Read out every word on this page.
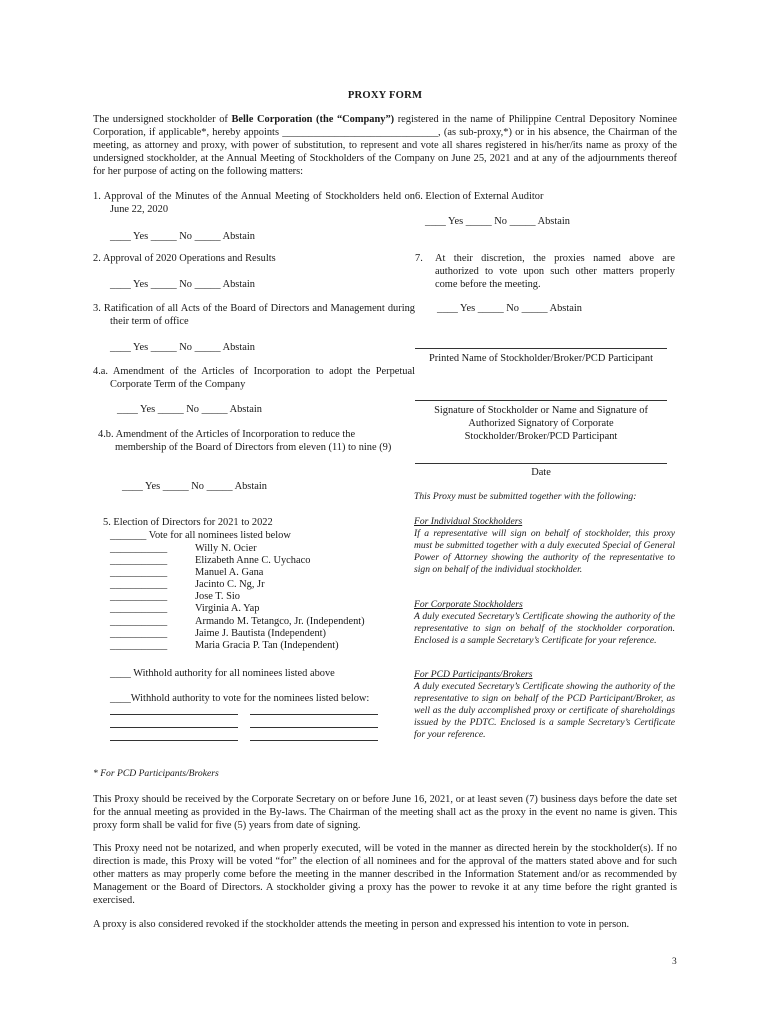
PROXY FORM
The undersigned stockholder of Belle Corporation (the “Company”) registered in the name of Philippine Central Depository Nominee Corporation, if applicable*, hereby appoints ______________________________, (as sub-proxy,*) or in his absence, the Chairman of the meeting, as attorney and proxy, with power of substitution, to represent and vote all shares registered in his/her/its name as proxy of the undersigned stockholder, at the Annual Meeting of Stockholders of the Company on June 25, 2021 and at any of the adjournments thereof for her purpose of acting on the following matters:
1. Approval of the Minutes of the Annual Meeting of Stockholders held on June 22, 2020
____ Yes _____ No _____ Abstain
2. Approval of 2020 Operations and Results
____ Yes _____ No _____ Abstain
3. Ratification of all Acts of the Board of Directors and Management during their term of office
____ Yes _____ No _____ Abstain
4.a. Amendment of the Articles of Incorporation to adopt the Perpetual Corporate Term of the Company
____ Yes _____ No _____ Abstain
4.b. Amendment of the Articles of Incorporation to reduce the membership of the Board of Directors from eleven (11) to nine (9)
____ Yes _____ No _____ Abstain
5. Election of Directors for 2021 to 2022
_______ Vote for all nominees listed below
___________	Willy N. Ocier
___________	Elizabeth Anne C. Uychaco
___________	Manuel A. Gana
___________	Jacinto C. Ng, Jr
___________	Jose T. Sio
___________	Virginia A. Yap
___________	Armando M. Tetangco, Jr. (Independent)
___________	Jaime J. Bautista (Independent)
___________	Maria Gracia P. Tan (Independent)
____ Withhold authority for all nominees listed above
____Withhold authority to vote for the nominees listed below:
6. Election of External Auditor
____ Yes _____ No _____ Abstain
7. At their discretion, the proxies named above are authorized to vote upon such other matters properly come before the meeting.
____ Yes _____ No _____ Abstain
Printed Name of Stockholder/Broker/PCD Participant
Signature of Stockholder or Name and Signature of Authorized Signatory of Corporate Stockholder/Broker/PCD Participant
Date
This Proxy must be submitted together with the following:
For Individual Stockholders
If a representative will sign on behalf of stockholder, this proxy must be submitted together with a duly executed Special of General Power of Attorney showing the authority of the representative to sign on behalf of the individual stockholder.
For Corporate Stockholders
A duly executed Secretary’s Certificate showing the authority of the representative to sign on behalf of the stockholder corporation. Enclosed is a sample Secretary’s Certificate for your reference.
For PCD Participants/Brokers
A duly executed Secretary’s Certificate showing the authority of the representative to sign on behalf of the PCD Participant/Broker, as well as the duly accomplished proxy or certificate of shareholdings issued by the PDTC. Enclosed is a sample Secretary’s Certificate for your reference.
* For PCD Participants/Brokers
This Proxy should be received by the Corporate Secretary on or before June 16, 2021, or at least seven (7) business days before the date set for the annual meeting as provided in the By-laws. The Chairman of the meeting shall act as the proxy in the event no name is given. This proxy form shall be valid for five (5) years from date of signing.
This Proxy need not be notarized, and when properly executed, will be voted in the manner as directed herein by the stockholder(s). If no direction is made, this Proxy will be voted “for” the election of all nominees and for the approval of the matters stated above and for such other matters as may properly come before the meeting in the manner described in the Information Statement and/or as recommended by Management or the Board of Directors. A stockholder giving a proxy has the power to revoke it at any time before the right granted is exercised.
A proxy is also considered revoked if the stockholder attends the meeting in person and expressed his intention to vote in person.
3
